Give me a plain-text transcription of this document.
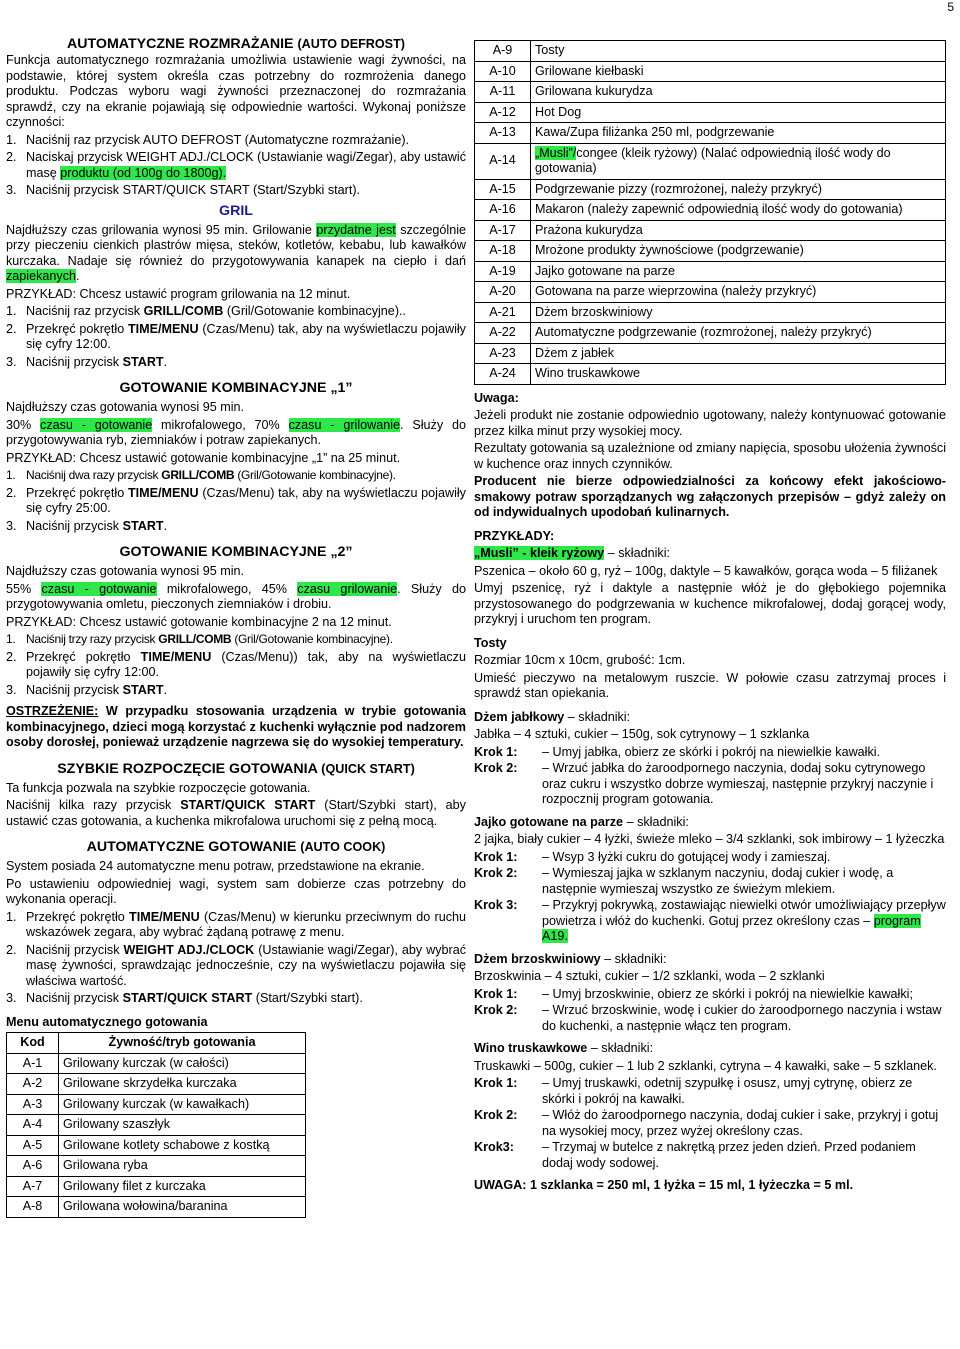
5
AUTOMATYCZNE ROZMRAŻANIE (AUTO DEFROST)

Funkcja automatycznego rozmrażania umożliwia ustawienie wagi żywności, na podstawie, której system określa czas potrzebny do rozmrożenia danego produktu. Podczas wyboru wagi żywności przeznaczonej do rozmrażania sprawdź, czy na ekranie pojawiają się odpowiednie wartości. Wykonaj poniższe czynności:

1. Naciśnij raz przycisk AUTO DEFROST (Automatyczne rozmrażanie).
2. Naciskaj przycisk WEIGHT ADJ./CLOCK (Ustawianie wagi/Zegar), aby ustawić masę produktu (od 100g do 1800g).
3. Naciśnij przycisk START/QUICK START (Start/Szybki start).
GRIL

Najdłuższy czas grilowania wynosi 95 min. Grilowanie przydatne jest szczególnie przy pieczeniu cienkich plastrów mięsa, steków, kotletów, kebabu, lub kawałków kurczaka. Nadaje się również do przygotowywania kanapek na ciepło i dań zapiekanych.

PRZYKŁAD: Chcesz ustawić program grilowania na 12 minut.

1. Naciśnij raz przycisk GRILL/COMB (Gril/Gotowanie kombinacyjne)..
2. Przekręć pokrętło TIME/MENU (Czas/Menu) tak, aby na wyświetlaczu pojawiły się cyfry 12:00.
3. Naciśnij przycisk START.
GOTOWANIE KOMBINACYJNE „1”

Najdłuższy czas gotowania wynosi 95 min.

30% czasu - gotowanie mikrofalowego, 70% czasu - grilowanie. Służy do przygotowywania ryb, ziemniaków i potraw zapiekanych.

PRZYKŁAD: Chcesz ustawić gotowanie kombinacyjne „1” na 25 minut.

1. Naciśnij dwa razy przycisk GRILL/COMB (Gril/Gotowanie kombinacyjne).
2. Przekręć pokrętło TIME/MENU (Czas/Menu) tak, aby na wyświetlaczu pojawiły się cyfry 25:00.
3. Naciśnij przycisk START.
GOTOWANIE KOMBINACYJNE „2”

Najdłuższy czas gotowania wynosi 95 min.

55% czasu - gotowanie mikrofalowego, 45% czasu grilowanie. Służy do przygotowywania omletu, pieczonych ziemniaków i drobiu.

PRZYKŁAD: Chcesz ustawić gotowanie kombinacyjne 2 na 12 minut.

1. Naciśnij trzy razy przycisk GRILL/COMB (Gril/Gotowanie kombinacyjne).
2. Przekręć pokrętło TIME/MENU (Czas/Menu)) tak, aby na wyświetlaczu pojawiły się cyfry 12:00.
3. Naciśnij przycisk START.

OSTRZEŻENIE: W przypadku stosowania urządzenia w trybie gotowania kombinacyjnego, dzieci mogą korzystać z kuchenki wyłącznie pod nadzorem osoby dorosłej, ponieważ urządzenie nagrzewa się do wysokiej temperatury.

SZYBKIE ROZPOCZĘCIE GOTOWANIA (QUICK START)

Ta funkcja pozwala na szybkie rozpoczęcie gotowania.

Naciśnij kilka razy przycisk START/QUICK START (Start/Szybki start), aby ustawić czas gotowania, a kuchenka mikrofalowa uruchomi się z pełną mocą.

AUTOMATYCZNE GOTOWANIE (AUTO COOK)

System posiada 24 automatyczne menu potraw, przedstawione na ekranie.

Po ustawieniu odpowiedniej wagi, system sam dobierze czas potrzebny do wykonania operacji.

1. Przekręć pokrętło TIME/MENU (Czas/Menu) w kierunku przeciwnym do ruchu wskazówek zegara, aby wybrać żądaną potrawę z menu.
2. Naciśnij przycisk WEIGHT ADJ./CLOCK (Ustawianie wagi/Zegar), aby wybrać masę żywności, sprawdzając jednocześnie, czy na wyświetlaczu pojawiła się właściwa wartość.
3. Naciśnij przycisk START/QUICK START (Start/Szybki start).

Menu automatycznego gotowania

Kod	Żywność/tryb gotowania
A-1	Grilowany kurczak (w całości)
A-2	Grilowane skrzydełka kurczaka
A-3	Grilowany kurczak (w kawałkach)
A-4	Grilowany szaszłyk
A-5	Grilowane kotlety schabowe z kostką
A-6	Grilowana ryba
A-7	Grilowany filet z kurczaka
A-8	Grilowana wołowina/baranina
A-9	Tosty
A-10	Grilowane kiełbaski
A-11	Grilowana kukurydza
A-12	Hot Dog
A-13	Kawa/Zupa filiżanka 250 ml, podgrzewanie
A-14	„Musli”/congee (kleik ryżowy) (Nalać odpowiednią ilość wody do gotowania)
A-15	Podgrzewanie pizzy (rozmrożonej, należy przykryć)
A-16	Makaron (należy zapewnić odpowiednią ilość wody do gotowania)
A-17	Prażona kukurydza
A-18	Mrożone produkty żywnościowe (podgrzewanie)
A-19	Jajko gotowane na parze
A-20	Gotowana na parze wieprzowina (należy przykryć)
A-21	Dżem brzoskwiniowy
A-22	Automatyczne podgrzewanie (rozmrożonej, należy przykryć)
A-23	Dżem z jabłek
A-24	Wino truskawkowe

Uwaga:

Jeżeli produkt nie zostanie odpowiednio ugotowany, należy kontynuować gotowanie przez kilka minut przy wysokiej mocy.

Rezultaty gotowania są uzależnione od zmiany napięcia, sposobu ułożenia żywności w kuchence oraz innych czynników.

Producent nie bierze odpowiedzialności za końcowy efekt jakościowo-smakowy potraw sporządzanych wg załączonych przepisów – gdyż zależy on od indywidualnych upodobań kulinarnych.

PRZYKŁADY:

„Musli” - kleik ryżowy – składniki:

Pszenica – około 60 g, ryż – 100g, daktyle – 5 kawałków, gorąca woda – 5 filiżanek

Umyj pszenicę, ryż i daktyle a następnie włóż je do głębokiego pojemnika przystosowanego do podgrzewania w kuchence mikrofalowej, dodaj gorącej wody, przykryj i uruchom ten program.

Tosty

Rozmiar 10cm x 10cm, grubość: 1cm.

Umieść pieczywo na metalowym ruszcie. W połowie czasu zatrzymaj proces i sprawdź stan opiekania.

Dżem jabłkowy – składniki:

Jabłka – 4 sztuki, cukier – 150g, sok cytrynowy – 1 szklanka

Krok 1:	– Umyj jabłka, obierz ze skórki i pokrój na niewielkie kawałki.
Krok 2:	– Wrzuć jabłka do żaroodpornego naczynia, dodaj soku cytrynowego oraz cukru i wszystko dobrze wymieszaj, następnie przykryj naczynie i rozpocznij program gotowania.

Jajko gotowane na parze – składniki:

2 jajka, biały cukier – 4 łyżki, świeże mleko – 3/4 szklanki, sok imbirowy – 1 łyżeczka

Krok 1:	– Wsyp 3 łyżki cukru do gotującej wody i zamieszaj.
Krok 2:	– Wymieszaj jajka w szklanym naczyniu, dodaj cukier i wodę, a następnie wymieszaj wszystko ze świeżym mlekiem.
Krok 3:	– Przykryj pokrywką, zostawiając niewielki otwór umożliwiający przepływ powietrza i włóż do kuchenki. Gotuj przez określony czas – program A19.

Dżem brzoskwiniowy – składniki:

Brzoskwinia – 4 sztuki, cukier – 1/2 szklanki, woda – 2 szklanki

Krok 1:	– Umyj brzoskwinie, obierz ze skórki i pokrój na niewielkie kawałki;
Krok 2:	– Wrzuć brzoskwinie, wodę i cukier do żaroodpornego naczynia i wstaw do kuchenki, a następnie włącz ten program.

Wino truskawkowe – składniki:

Truskawki – 500g, cukier – 1 lub 2 szklanki, cytryna – 4 kawałki, sake – 5 szklanek.

Krok 1:	– Umyj truskawki, odetnij szypułkę i osusz, umyj cytrynę, obierz ze skórki i pokrój na kawałki.
Krok 2:	– Włóż do żaroodpornego naczynia, dodaj cukier i sake, przykryj i gotuj na wysokiej mocy, przez wyżej określony czas.
Krok3:	– Trzymaj w butelce z nakrętką przez jeden dzień. Przed podaniem dodaj wody sodowej.

UWAGA: 1 szklanka = 250 ml, 1 łyżka = 15 ml, 1 łyżeczka = 5 ml.
